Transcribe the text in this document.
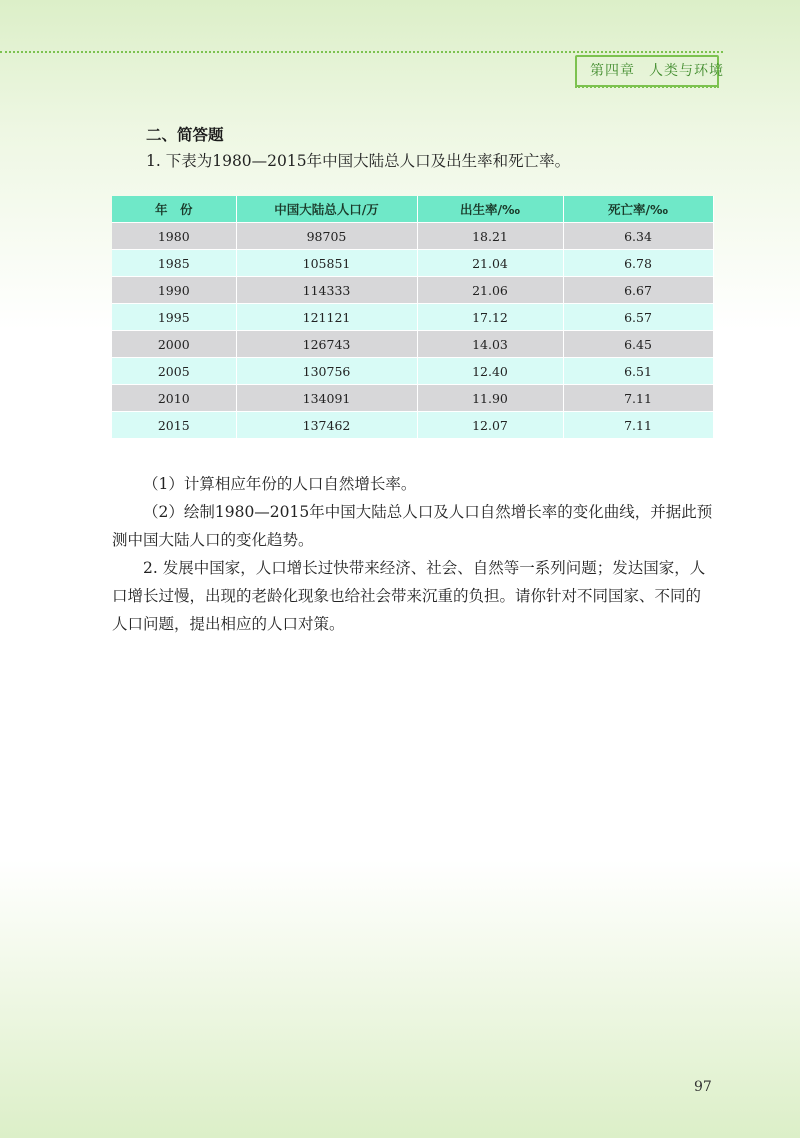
第四章 人类与环境
二、简答题
1. 下表为1980—2015年中国大陆总人口及出生率和死亡率。
年　份	中国大陆总人口/万	出生率/‰	死亡率/‰
1980	98705	18.21	6.34
1985	105851	21.04	6.78
1990	114333	21.06	6.67
1995	121121	17.12	6.57
2000	126743	14.03	6.45
2005	130756	12.40	6.51
2010	134091	11.90	7.11
2015	137462	12.07	7.11

（1）计算相应年份的人口自然增长率。

（2）绘制1980—2015年中国大陆总人口及人口自然增长率的变化曲线，并据此预测中国大陆人口的变化趋势。

2. 发展中国家，人口增长过快带来经济、社会、自然等一系列问题；发达国家，人口增长过慢，出现的老龄化现象也给社会带来沉重的负担。请你针对不同国家、不同的人口问题，提出相应的人口对策。

97
